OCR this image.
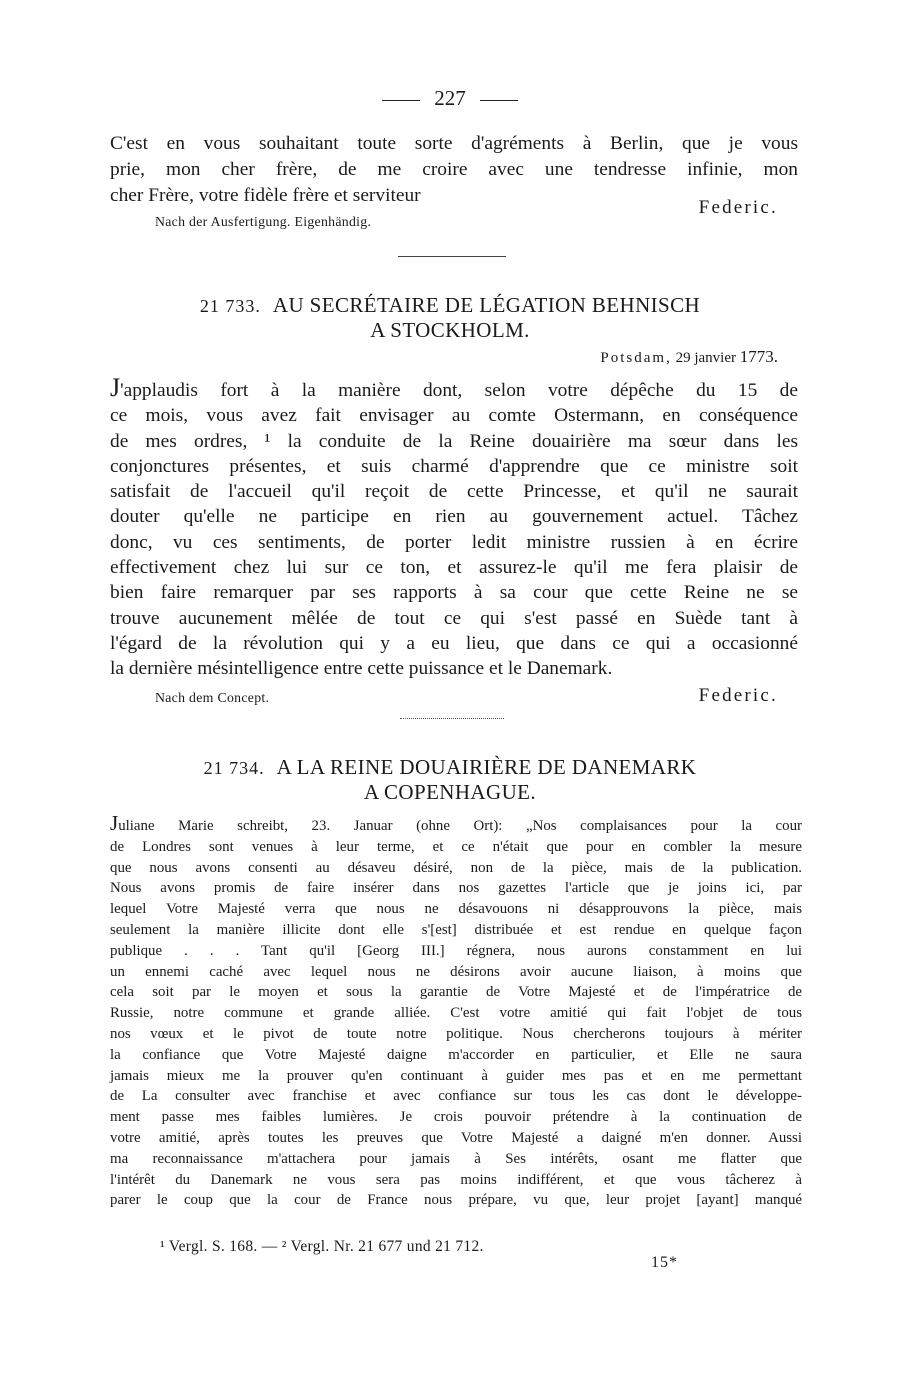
227
C'est en vous souhaitant toute sorte d'agréments à Berlin, que je vous
prie, mon cher frère, de me croire avec une tendresse infinie, mon
cher Frère, votre fidèle frère et serviteur
Federic.
Nach der Ausfertigung. Eigenhändig.
21 733. AU SECRÉTAIRE DE LÉGATION BEHNISCH
A STOCKHOLM.
Potsdam, 29 janvier 1773.
J'applaudis fort à la manière dont, selon votre dépêche du 15 de
ce mois, vous avez fait envisager au comte Ostermann, en conséquence
de mes ordres, ¹ la conduite de la Reine douairière ma sœur dans les
conjonctures présentes, et suis charmé d'apprendre que ce ministre soit
satisfait de l'accueil qu'il reçoit de cette Princesse, et qu'il ne saurait
douter qu'elle ne participe en rien au gouvernement actuel. Tâchez
donc, vu ces sentiments, de porter ledit ministre russien à en écrire
effectivement chez lui sur ce ton, et assurez-le qu'il me fera plaisir de
bien faire remarquer par ses rapports à sa cour que cette Reine ne se
trouve aucunement mêlée de tout ce qui s'est passé en Suède tant à
l'égard de la révolution qui y a eu lieu, que dans ce qui a occasionné
la dernière mésintelligence entre cette puissance et le Danemark.
Nach dem Concept.	Federic.
21 734. A LA REINE DOUAIRIÈRE DE DANEMARK
A COPENHAGUE.
Juliane Marie schreibt, 23. Januar (ohne Ort): „Nos complaisances pour la cour
de Londres sont venues à leur terme, et ce n'était que pour en combler la mesure
que nous avons consenti au désaveu désiré, non de la pièce, mais de la publication.
Nous avons promis de faire insérer dans nos gazettes l'article que je joins ici, par
lequel Votre Majesté verra que nous ne désavouons ni désapprouvons la pièce, mais
seulement la manière illicite dont elle s'[est] distribuée et est rendue en quelque façon
publique . . . Tant qu'il [Georg III.] régnera, nous aurons constamment en lui
un ennemi caché avec lequel nous ne désirons avoir aucune liaison, à moins que
cela soit par le moyen et sous la garantie de Votre Majesté et de l'impératrice de
Russie, notre commune et grande alliée. C'est votre amitié qui fait l'objet de tous
nos vœux et le pivot de toute notre politique. Nous chercherons toujours à mériter
la confiance que Votre Majesté daigne m'accorder en particulier, et Elle ne saura
jamais mieux me la prouver qu'en continuant à guider mes pas et en me permettant
de La consulter avec franchise et avec confiance sur tous les cas dont le développe-
ment passe mes faibles lumières. Je crois pouvoir prétendre à la continuation de
votre amitié, après toutes les preuves que Votre Majesté a daigné m'en donner. Aussi
ma reconnaissance m'attachera pour jamais à Ses intérêts, osant me flatter que
l'intérêt du Danemark ne vous sera pas moins indifférent, et que vous tâcherez à
parer le coup que la cour de France nous prépare, vu que, leur projet [ayant] manqué
¹ Vergl. S. 168. — ² Vergl. Nr. 21 677 und 21 712.
15*
